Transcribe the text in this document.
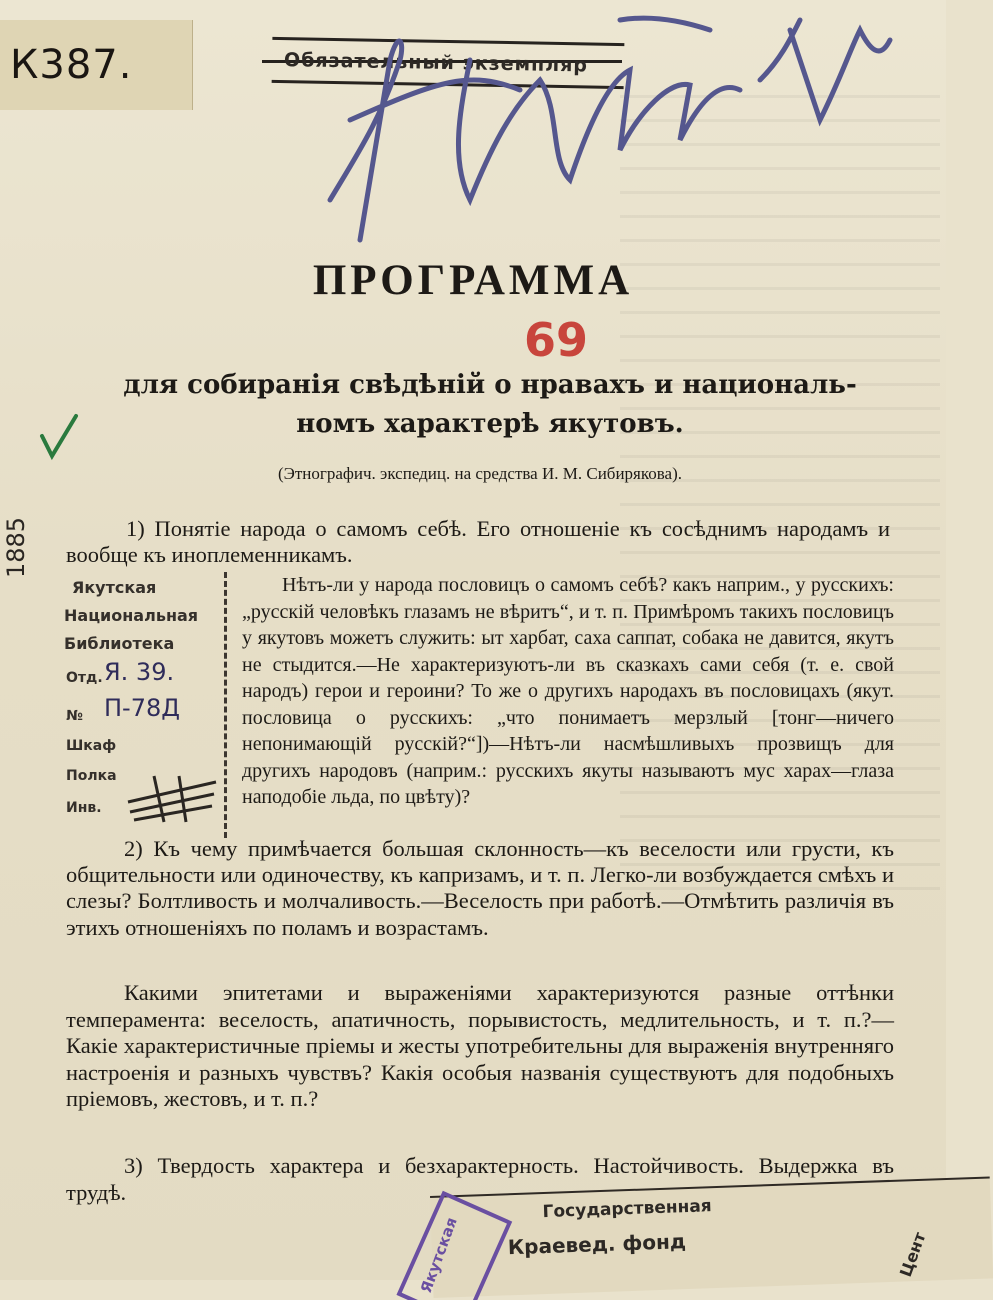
К387.	Обязательный экземпляр
ПРОГРАММА
69
для собиранія свѣдѣній о нравахъ и националь-
номъ характерѣ якутовъ.
(Этнографич. экспедиц. на средства И. М. Сибирякова).
1885	1) Понятіе народа о самомъ себѣ. Его отношеніе къ сосѣднимъ народамъ и вообще къ иноплеменникамъ.
Якутская
Национальная
Библиотека
Отд. Я. 39.
№ П-78Д
Шкаф
Полка
Инв.
Нѣтъ-ли у народа пословицъ о самомъ себѣ? какъ наприм., у русскихъ: „русскій человѣкъ глазамъ не вѣритъ“, и т. п. Примѣромъ такихъ пословицъ у якутовъ можетъ служить: ыт харбат, саха саппат, собака не давится, якутъ не стыдится.—Не характеризуютъ-ли въ сказкахъ сами себя (т. е. свой народъ) герои и героини? То же о другихъ народахъ въ пословицахъ (якут. пословица о русскихъ: „что понимаетъ мерзлый [тонг—ничего непонимающій русскій?“])—Нѣтъ-ли насмѣшливыхъ прозвищъ для другихъ народовъ (наприм.: русскихъ якуты называютъ мус харах—глаза наподобіе льда, по цвѣту)?
2) Къ чему примѣчается большая склонность—къ веселости или грусти, къ общительности или одиночеству, къ капризамъ, и т. п. Легко-ли возбуждается смѣхъ и слезы? Болтливость и молчаливость.—Веселость при работѣ.—Отмѣтить различія въ этихъ отношеніяхъ по поламъ и возрастамъ.
Какими эпитетами и выраженіями характеризуются разные оттѣнки темперамента: веселость, апатичность, порывистость, медлительность, и т. п.?—Какіе характеристичные пріемы и жесты употребительны для выраженія внутренняго настроенія и разныхъ чувствъ? Какія особыя названія существуютъ для подобныхъ пріемовъ, жестовъ, и т. п.?
3) Твердость характера и безхарактерность. Настойчивость. Выдержка въ трудѣ.
Государственная
Краевед. фонд
Якутская	Цент
